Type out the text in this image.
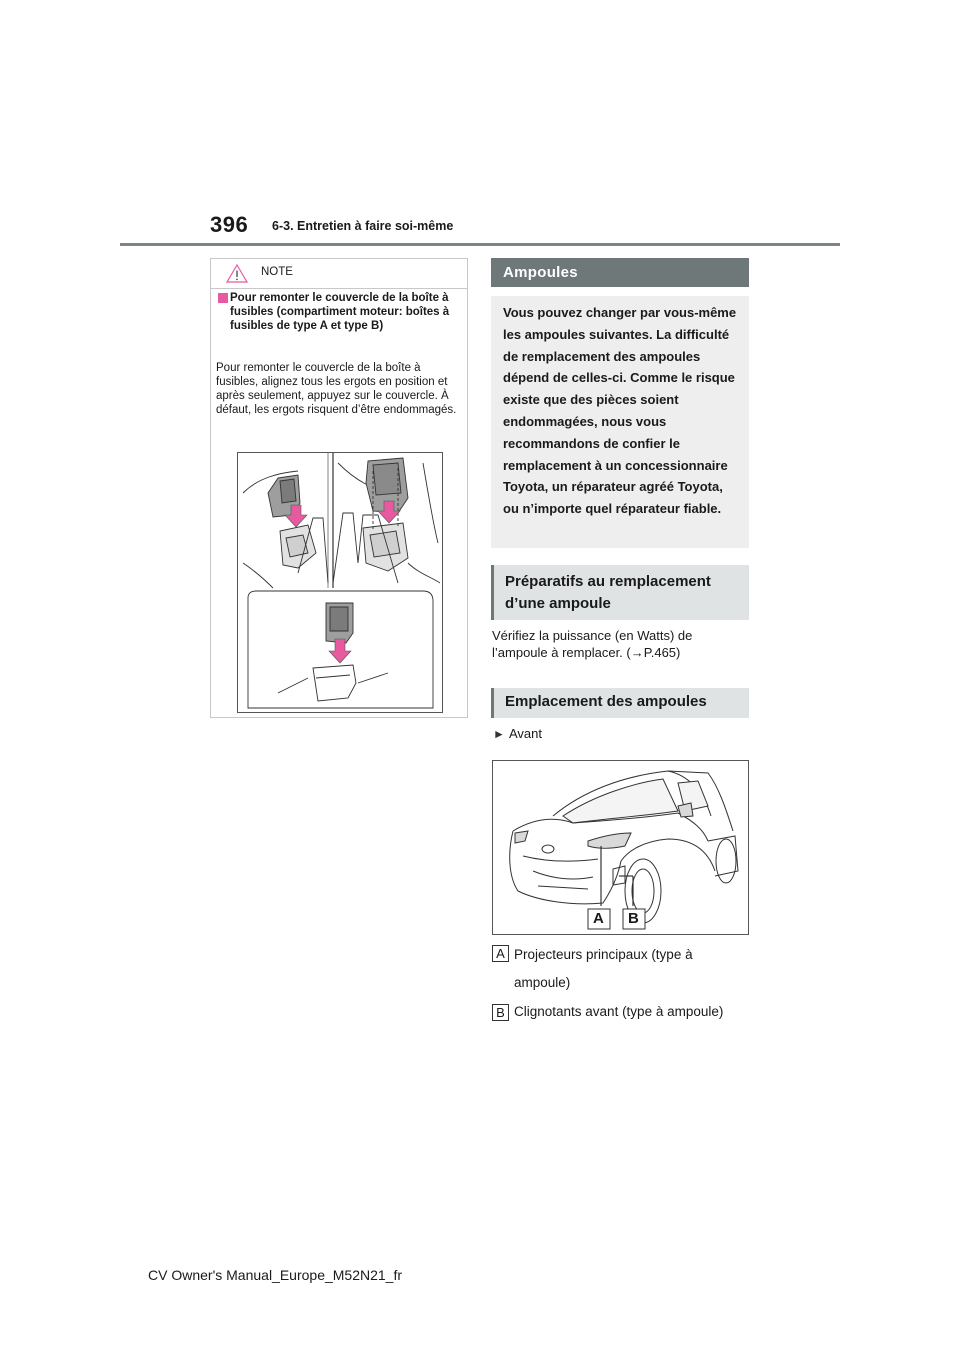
396 6-3. Entretien à faire soi-même
NOTE
Pour remonter le couvercle de la boîte à fusibles (compartiment moteur: boîtes à fusibles de type A et type B)
Pour remonter le couvercle de la boîte à fusibles, alignez tous les ergots en position et après seulement, appuyez sur le couvercle. À défaut, les ergots risquent d’être endommagés.
Ampoules
Vous pouvez changer par vous-même les ampoules suivantes. La difficulté de remplacement des ampoules dépend de celles-ci. Comme le risque existe que des pièces soient endommagées, nous vous recommandons de confier le remplacement à un concessionnaire Toyota, un réparateur agréé Toyota, ou n’importe quel réparateur fiable.
Préparatifs au remplacement d’une ampoule
Vérifiez la puissance (en Watts) de l’ampoule à remplacer. (→P.465)
Emplacement des ampoules
► Avant
A B
A Projecteurs principaux (type à ampoule)
B Clignotants avant (type à ampoule)
CV Owner's Manual_Europe_M52N21_fr
